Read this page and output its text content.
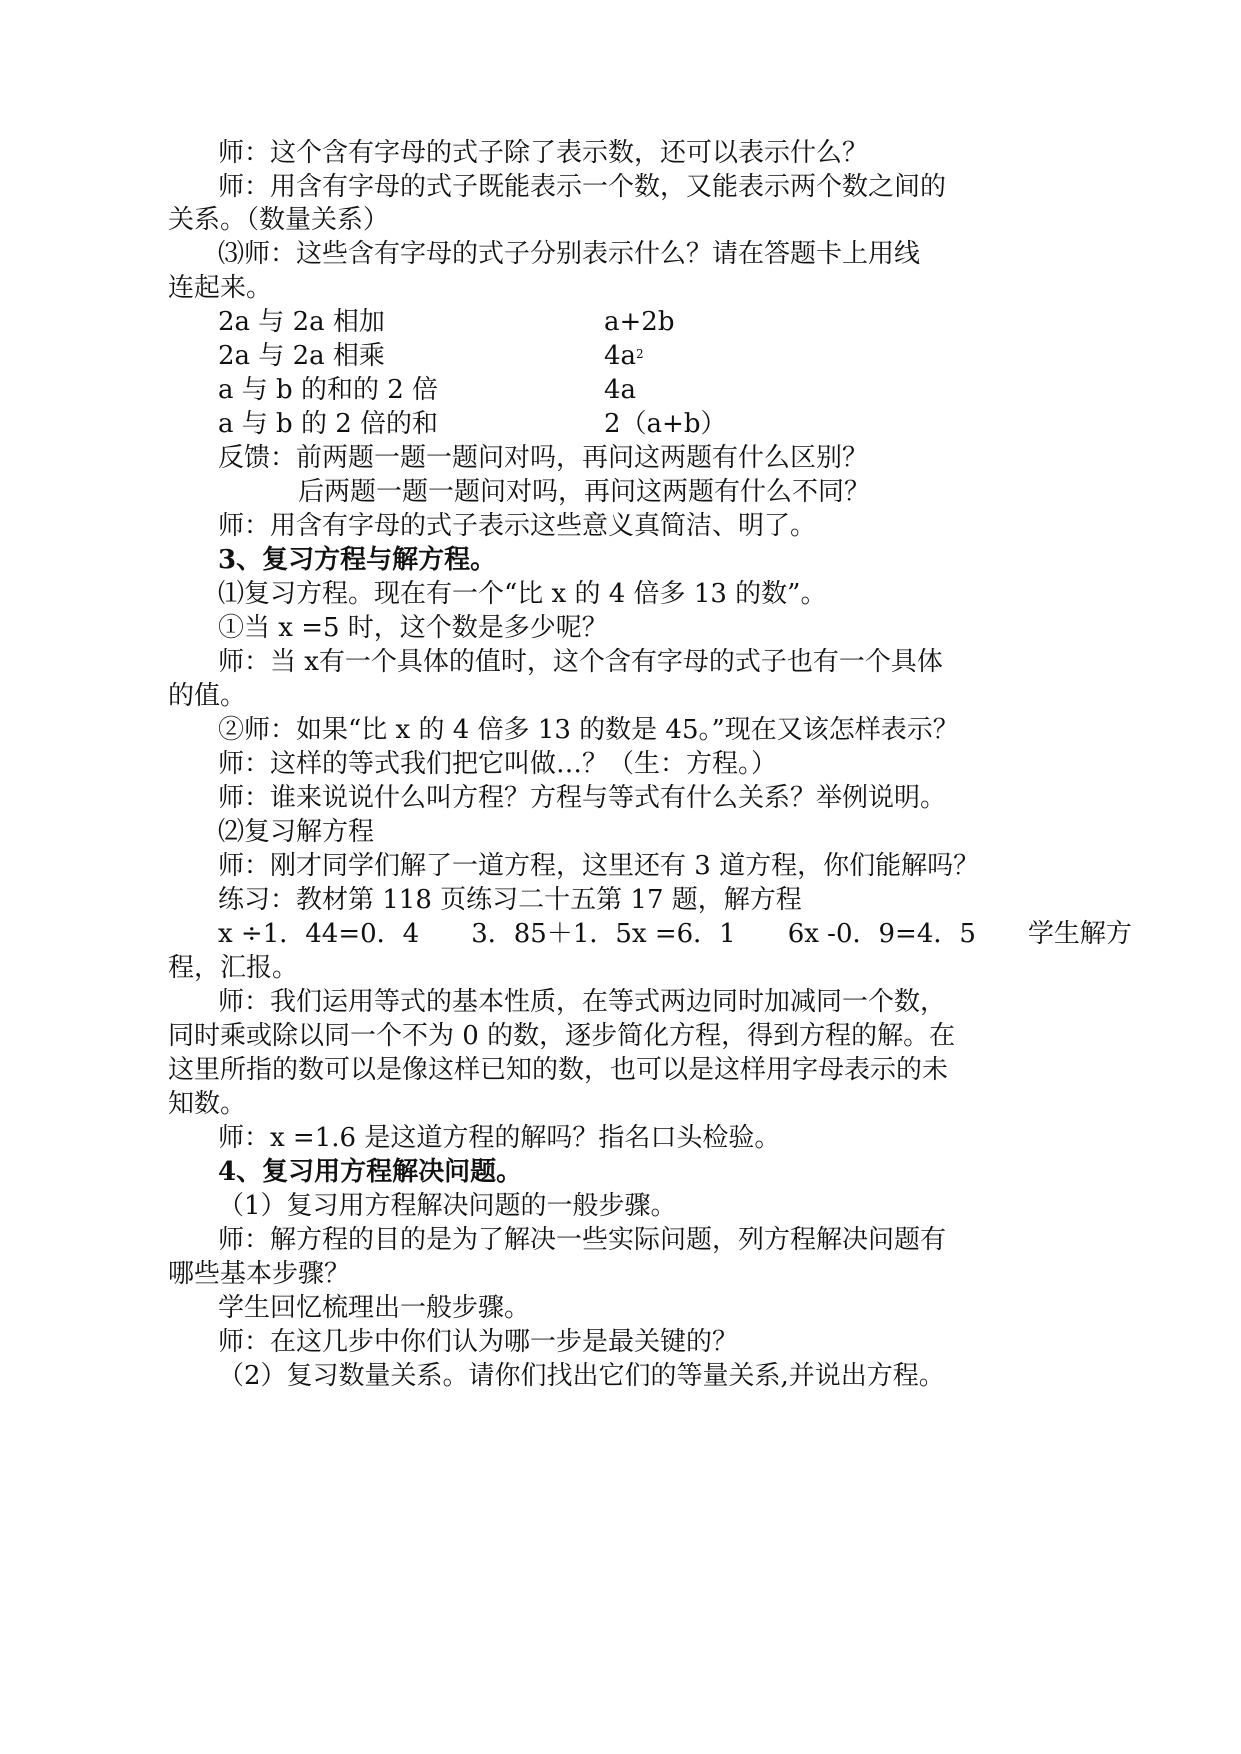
师：这个含有字母的式子除了表示数，还可以表示什么？
师：用含有字母的式子既能表示一个数，又能表示两个数之间的
关系。（数量关系）
⑶师：这些含有字母的式子分别表示什么？请在答题卡上用线
连起来。
2a 与 2a 相加	a+2b
2a 与 2a 相乘	$4a^2$
a 与 b 的和的 2 倍	4a
a 与 b 的 2 倍的和	2（a+b）
反馈：前两题一题一题问对吗，再问这两题有什么区别？
后两题一题一题问对吗，再问这两题有什么不同？
师：用含有字母的式子表示这些意义真简洁、明了。
3、复习方程与解方程。
⑴复习方程。现在有一个“比 x 的 4 倍多 13 的数”。
①当 x =5 时，这个数是多少呢？
师：当 x有一个具体的值时，这个含有字母的式子也有一个具体
的值。
②师：如果“比 x 的 4 倍多 13 的数是 45。”现在又该怎样表示？
师：这样的等式我们把它叫做…？（生：方程。）
师：谁来说说什么叫方程？方程与等式有什么关系？举例说明。
⑵复习解方程
师：刚才同学们解了一道方程，这里还有 3 道方程，你们能解吗？
练习：教材第 118 页练习二十五第 17 题，解方程
x ÷1．44=0．4　　3．85＋1．5x =6．1　　6x -0．9=4．5　　学生解方
程，汇报。
师：我们运用等式的基本性质，在等式两边同时加减同一个数，
同时乘或除以同一个不为 0 的数，逐步简化方程，得到方程的解。在
这里所指的数可以是像这样已知的数，也可以是这样用字母表示的未
知数。
师：x =1.6 是这道方程的解吗？指名口头检验。
4、复习用方程解决问题。
（1）复习用方程解决问题的一般步骤。
师：解方程的目的是为了解决一些实际问题，列方程解决问题有
哪些基本步骤？
学生回忆梳理出一般步骤。
师：在这几步中你们认为哪一步是最关键的？
（2）复习数量关系。请你们找出它们的等量关系,并说出方程。
